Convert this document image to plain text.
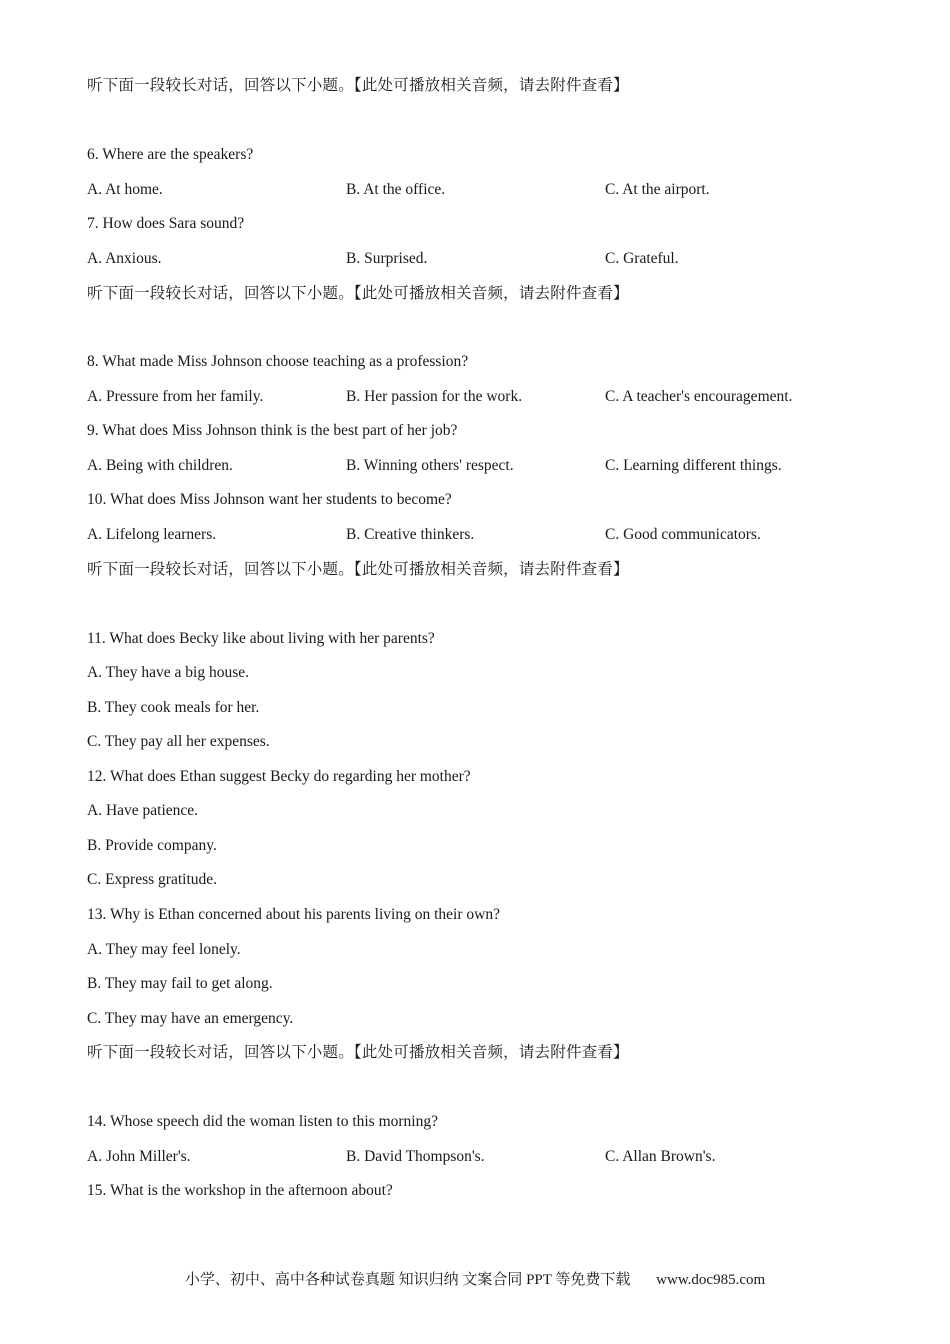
听下面一段较长对话，回答以下小题。【此处可播放相关音频，请去附件查看】
6. Where are the speakers?
A. At home.	B. At the office.	C. At the airport.
7. How does Sara sound?
A. Anxious.	B. Surprised.	C. Grateful.
听下面一段较长对话，回答以下小题。【此处可播放相关音频，请去附件查看】
8. What made Miss Johnson choose teaching as a profession?
A. Pressure from her family.	B. Her passion for the work.	C. A teacher's encouragement.
9. What does Miss Johnson think is the best part of her job?
A. Being with children.	B. Winning others' respect.	C. Learning different things.
10. What does Miss Johnson want her students to become?
A. Lifelong learners.	B. Creative thinkers.	C. Good communicators.
听下面一段较长对话，回答以下小题。【此处可播放相关音频，请去附件查看】
11. What does Becky like about living with her parents?
A. They have a big house.
B. They cook meals for her.
C. They pay all her expenses.
12. What does Ethan suggest Becky do regarding her mother?
A. Have patience.
B. Provide company.
C. Express gratitude.
13. Why is Ethan concerned about his parents living on their own?
A. They may feel lonely.
B. They may fail to get along.
C. They may have an emergency.
听下面一段较长对话，回答以下小题。【此处可播放相关音频，请去附件查看】
14. Whose speech did the woman listen to this morning?
A. John Miller's.	B. David Thompson's.	C. Allan Brown's.
15. What is the workshop in the afternoon about?
小学、初中、高中各种试卷真题 知识归纳 文案合同 PPT 等免费下载 www.doc985.com
